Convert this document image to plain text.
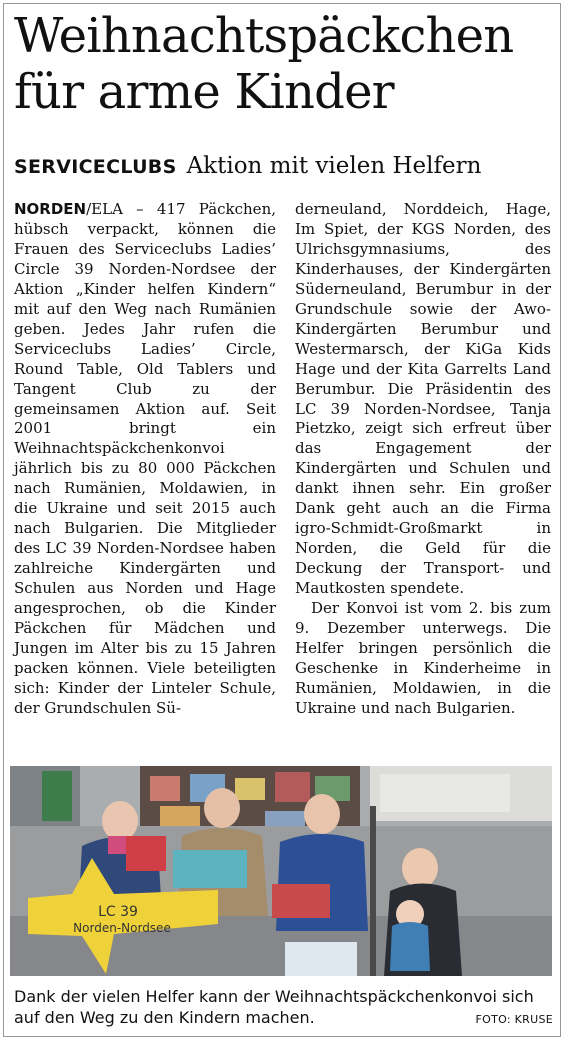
Weihnachtspäckchen für arme Kinder
SERVICECLUBS Aktion mit vielen Helfern

NORDEN/ELA – 417 Päckchen, hübsch verpackt, können die Frauen des Serviceclubs Ladies’ Circle 39 Norden-Nordsee der Aktion „Kinder helfen Kindern“ mit auf den Weg nach Rumänien geben. Jedes Jahr rufen die Serviceclubs Ladies’ Circle, Round Table, Old Tablers und Tangent Club zu der gemeinsamen Aktion auf. Seit 2001 bringt ein Weihnachtspäckchenkonvoi jährlich bis zu 80 000 Päckchen nach Rumänien, Moldawien, in die Ukraine und seit 2015 auch nach Bulgarien. Die Mitglieder des LC 39 Norden-Nordsee haben zahlreiche Kindergärten und Schulen aus Norden und Hage angesprochen, ob die Kinder Päckchen für Mädchen und Jungen im Alter bis zu 15 Jahren packen können. Viele beteiligten sich: Kinder der Linteler Schule, der Grundschulen Sü-

derneuland, Norddeich, Hage, Im Spiet, der KGS Norden, des Ulrichsgymnasiums, des Kinderhauses, der Kindergärten Süderneuland, Berumbur in der Grundschule sowie der Awo-Kindergärten Berumbur und Westermarsch, der KiGa Kids Hage und der Kita Garrelts Land Berumbur. Die Präsidentin des LC 39 Norden-Nordsee, Tanja Pietzko, zeigt sich erfreut über das Engagement der Kindergärten und Schulen und dankt ihnen sehr. Ein großer Dank geht auch an die Firma igro-Schmidt-Großmarkt in Norden, die Geld für die Deckung der Transport- und Mautkosten spendete.

Der Konvoi ist vom 2. bis zum 9. Dezember unterwegs. Die Helfer bringen persönlich die Geschenke in Kinderheime in Rumänien, Moldawien, in die Ukraine und nach Bulgarien.

LC 39
Norden-Nordsee
Dank der vielen Helfer kann der Weihnachtspäckchenkonvoi sich auf den Weg zu den Kindern machen.	FOTO: KRUSE
